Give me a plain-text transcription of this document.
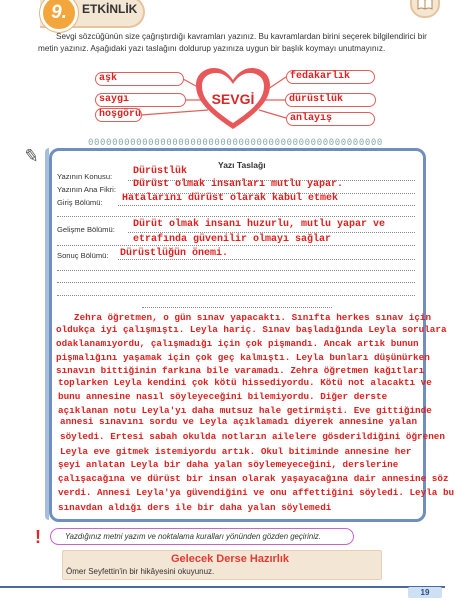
9.	ETKİNLİK
Sevgi sözcüğünün size çağrıştırdığı kavramları yazınız. Bu kavramlardan birini seçerek bilgilendirici bir metin yazınız. Aşağıdaki yazı taslağını doldurup yazınıza uygun bir başlık koymayı unutmayınız.
aşk
saygı
hoşgörü
fedakarlık
dürüstlük
anlayış
SEVGİ
0000000000000000000000000000000000000000000000000
✎	Yazı Taslağı
Yazının Konusu: Dürüstlük
Yazının Ana Fikri: Dürüst olmak insanları mutlu yapar.
Giriş Bölümü: Hatalarını dürüst olarak kabul etmek
Gelişme Bölümü: Dürüt olmak insanı huzurlu, mutlu yapar ve
etrafında güvenilir olmayı sağlar
Sonuç Bölümü: Dürüstlüğün önemi.
Zehra öğretmen, o gün sınav yapacaktı. Sınıfta herkes sınav için
oldukça iyi çalışmıştı. Leyla hariç. Sınav başladığında Leyla sorulara
odaklanamıyordu, çalışmadığı için çok pişmandı. Ancak artık bunun
pişmalığını yaşamak için çok geç kalmıştı. Leyla bunları düşünürken
sınavın bittiğinin farkına bile varamadı. Zehra öğretmen kağıtları
toplarken Leyla kendini çok kötü hissediyordu. Kötü not alacaktı ve
bunu annesine nasıl söyleyeceğini bilemiyordu. Diğer derste
açıklanan notu Leyla'yı daha mutsuz hale getirmişti. Eve gittiğinde
annesi sınavını sordu ve Leyla açıklamadı diyerek annesine yalan
söyledi. Ertesi sabah okulda notların ailelere gösderildiğini öğrenen
Leyla eve gitmek istemiyordu artık. Okul bitiminde annesine her
şeyi anlatan Leyla bir daha yalan söylemeyeceğini, derslerine
çalışacağına ve dürüst bir insan olarak yaşayacağına dair annesine söz
verdi. Annesi Leyla'ya güvendiğini ve onu affettiğini söyledi. Leyla bu
sınavdan aldığı ders ile bir daha yalan söylemedi
!	Yazdığınız metni yazım ve noktalama kuralları yönünden gözden geçiriniz.
Gelecek Derse Hazırlık
Ömer Seyfettin'in bir hikâyesini okuyunuz.
19
